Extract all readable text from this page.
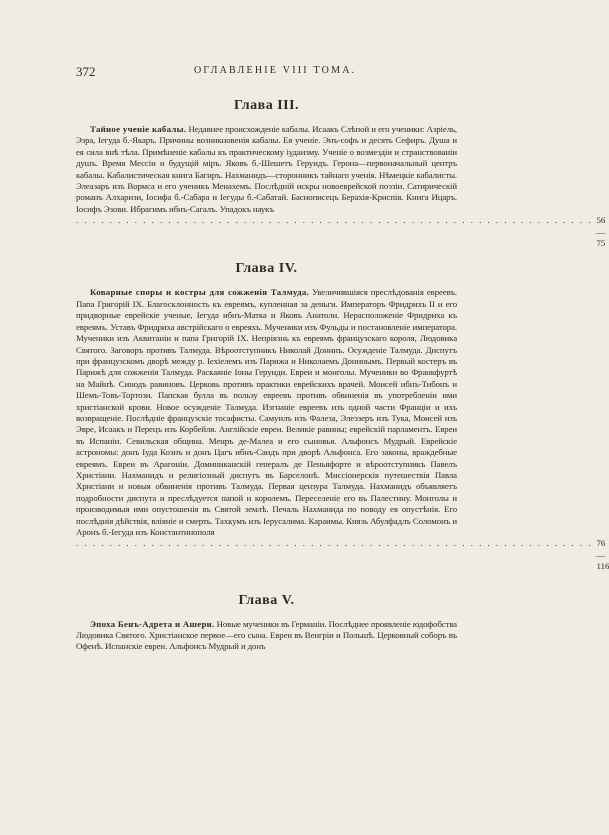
372	ОГЛАВЛЕНІЕ VIII ТОМА.
Глава III.

Тайное ученіе кабалы. Недавнее происхожденіе кабалы. Исаакъ Слѣпой и его ученики: Азріель, Эзра, Іегуда б.-Якаръ. Причины возникновенія кабалы. Ея ученіе. Энъ-софъ и десять Сефиръ. Душа и ея сила внѣ тѣла. Примѣненіе кабалы къ практическому іудаизму. Ученіе о возмездіи и странствованіи душъ. Время Мессіи и будущій міръ. Яковъ б.-Шешетъ Геруидъ. Герона—первоначальный центръ кабалы. Кабалистическая книга Багиръ. Нахманидъ—сторонникъ тайнаго ученія. Нѣмецкіе кабалисты. Элеазаръ изъ Вормса и его ученикъ Менахемъ. Послѣдній искры новоеврейской поэзіи. Сатирическій романъ Алхаризи, Іосифа б.-Сабара и Іегуды б.-Сабатай. Баснописецъ Берахія-Криспія. Книга Ицаръ. Іосифъ Эзови. Ибрагимъ ибнъ-Сагалъ. Упадокъ наукъ

. . . . . . . . . . . . . . . . . . . . . . . . . . . . . . . . . . . . . . . . . . . . . . . . . . . . . . . . . . . . . . 56—75
Глава IV.

Коварные споры и костры для сожженія Талмуда. Увеличившіяся преслѣдованія евреевъ. Папа Григорій IX. Благосклонность къ евреямъ, купленная за деньги. Императоръ Фридрихъ II и его придворные еврейскіе ученые, Іегуда ибнъ-Матка и Яковъ Анатоли. Нерасположеніе Фридриха къ евреямъ. Уставъ Фридриха австрійскаго о евреяхъ. Мученики изъ Фульды и постановленіе императора. Мученики изъ Аквитаніи и папа Григорій IX. Непріязнь къ евреямъ французскаго короля, Людовика Святого. Заговоръ противъ Талмуда. Вѣроотступникъ Николай Донинъ. Осужденіе Талмуда. Диспутъ при французскомъ дворѣ между р. Іехіелемъ изъ Парижа и Николаемъ Донинымъ. Первый костеръ въ Парижѣ для сожженія Талмуда. Раскаяніе Іоны Геруиди. Евреи и монголы. Мученики во Франкфуртѣ на Майнѣ. Синодъ равиновъ. Церковь противъ практики еврейскихъ врачей. Моисей ибнъ-Тибонъ и Шемъ-Товъ-Тортози. Папская булла въ пользу евреевъ противъ обвиненія въ употребленіи ими христіанской крови. Новое осужденіе Талмуда. Изгнаніе евреевъ изъ одной части Франціи и ихъ возвращеніе. Послѣдніе французскіе тосафисты. Самуилъ изъ Фалеза, Элеэзеръ изъ Тука, Моисей изъ Эвре, Исаакъ и Перецъ изъ Корбейля. Англійскіе евреи. Великіе равины; еврейскій парламентъ. Евреи въ Испаніи. Севильская община. Менръ де-Малеа и его сыновья. Альфонсъ Мудрый. Еврейскіе астрономы: донъ Іуда Коэнъ и донъ Цагъ ибнъ-Саидъ при дворѣ Альфонса. Его законы, враждебные евреямъ. Евреи въ Арагоніи. Доминиканскій генералъ де Пеньяфорте и вѣроотступникъ Павелъ Христіани. Нахманидъ и религіозный диспутъ въ Барселонѣ. Миссіонерскія путешествія Павла Христіани и новыя обвиненія противъ Талмуда. Первая цензура Талмуда. Нахманидъ объявляетъ подробности диспута и преслѣдуется папой и королемъ. Переселеніе его въ Палестину. Монголы и производимыя ими опустошенія въ Святой землѣ. Печаль Нахманида по поводу ея опустѣнія. Его послѣднія дѣйствія, вліяніе и смерть. Тахкумъ изъ Іерусалима. Караимы. Князь Абулфадлъ Соломонъ и Аронъ б.-Іегуда изъ Константинополя

. . . . . . . . . . . . . . . . . . . . . . . . . . . . . . . . . . . . . . . . . . . . . . . . . . . . . . . . . . . . . . 76—116
Глава V.

Эпоха Бенъ-Адрета и Ашери. Новые мученики въ Германіи. Послѣднее проявленіе юдофобства Людовика Святого. Христіанское первое—его сына. Евреи въ Венгріи и Польшѣ. Церковный соборъ въ Офенѣ. Испанскіе евреи. Альфонсъ Мудрый и донъ
